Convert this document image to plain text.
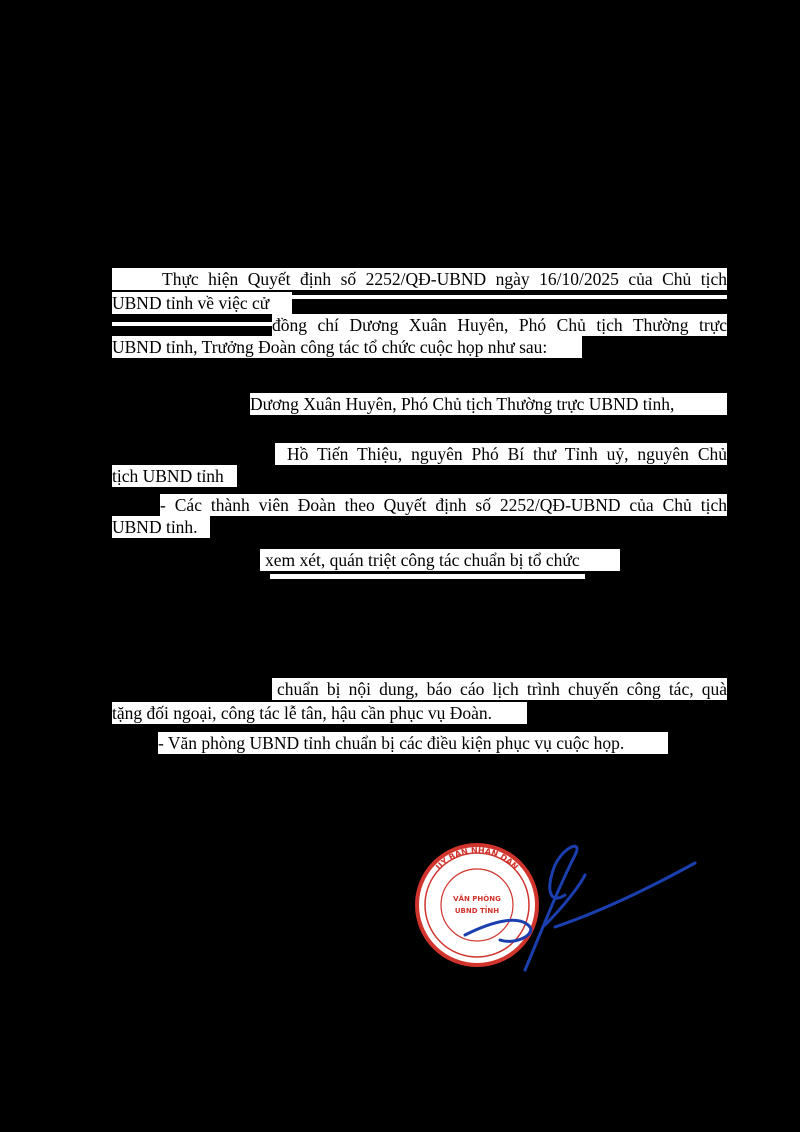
Thực hiện Quyết định số 2252/QĐ-UBND ngày 16/10/2025 của Chủ tịch
UBND tỉnh về việc cử
đồng chí Dương Xuân Huyên, Phó Chủ tịch Thường trực
UBND tỉnh, Trưởng Đoàn công tác tổ chức cuộc họp như sau:
Dương Xuân Huyên, Phó Chủ tịch Thường trực UBND tỉnh,
Hồ Tiến Thiệu, nguyên Phó Bí thư Tỉnh uỷ, nguyên Chủ
tịch UBND tỉnh
- Các thành viên Đoàn theo Quyết định số 2252/QĐ-UBND của Chủ tịch
UBND tỉnh.
xem xét, quán triệt công tác chuẩn bị tổ chức
chuẩn bị nội dung, báo cáo lịch trình chuyến công tác, quà
tặng đối ngoại, công tác lễ tân, hậu cần phục vụ Đoàn.
- Văn phòng UBND tỉnh chuẩn bị các điều kiện phục vụ cuộc họp.
ỦY BAN NHÂN DÂN
VĂN PHÒNG
UBND TỈNH
